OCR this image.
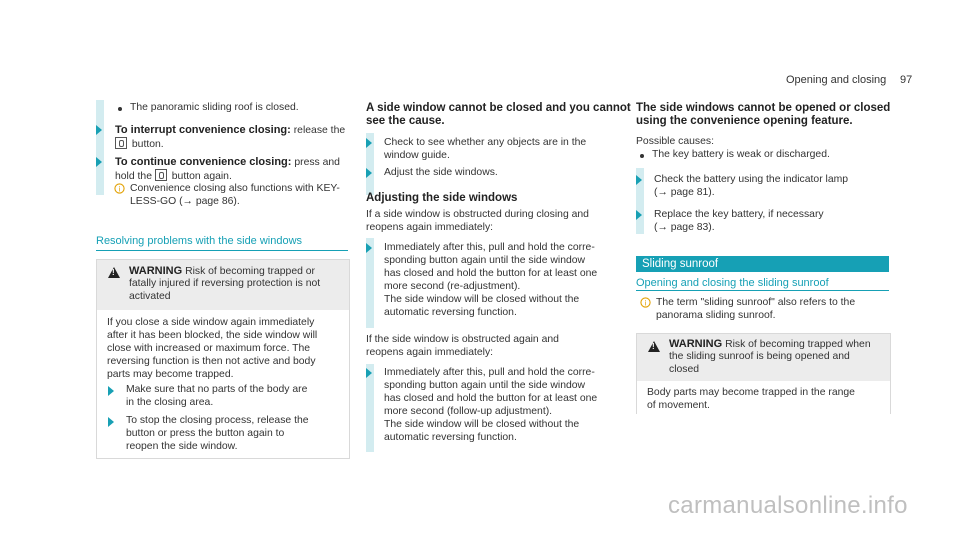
Opening and closing 97
The panoramic sliding roof is closed.
To interrupt convenience closing: release the
button.
To continue convenience closing: press and
hold the button again.
i Convenience closing also functions with KEY-
LESS-GO (→ page 86).
Resolving problems with the side windows
!
WARNING Risk of becoming trapped or
fatally injured if reversing protection is not
activated
If you close a side window again immediately
after it has been blocked, the side window will
close with increased or maximum force. The
reversing function is then not active and body
parts may become trapped.
Make sure that no parts of the body are
in the closing area.
To stop the closing process, release the
button or press the button again to
reopen the side window.
A side window cannot be closed and you cannot
see the cause.
Check to see whether any objects are in the
window guide.
Adjust the side windows.
Adjusting the side windows
If a side window is obstructed during closing and
reopens again immediately:
Immediately after this, pull and hold the corre-
sponding button again until the side window
has closed and hold the button for at least one
more second (re-adjustment).
The side window will be closed without the
automatic reversing function.
If the side window is obstructed again and
reopens again immediately:
Immediately after this, pull and hold the corre-
sponding button again until the side window
has closed and hold the button for at least one
more second (follow-up adjustment).
The side window will be closed without the
automatic reversing function.
The side windows cannot be opened or closed
using the convenience opening feature.
Possible causes:
The key battery is weak or discharged.
Check the battery using the indicator lamp
(→ page 81).
Replace the key battery, if necessary
(→ page 83).
Sliding sunroof
Opening and closing the sliding sunroof
i The term "sliding sunroof" also refers to the
panorama sliding sunroof.
!
WARNING Risk of becoming trapped when
the sliding sunroof is being opened and
closed
Body parts may become trapped in the range
of movement.
carmanualsonline.info
